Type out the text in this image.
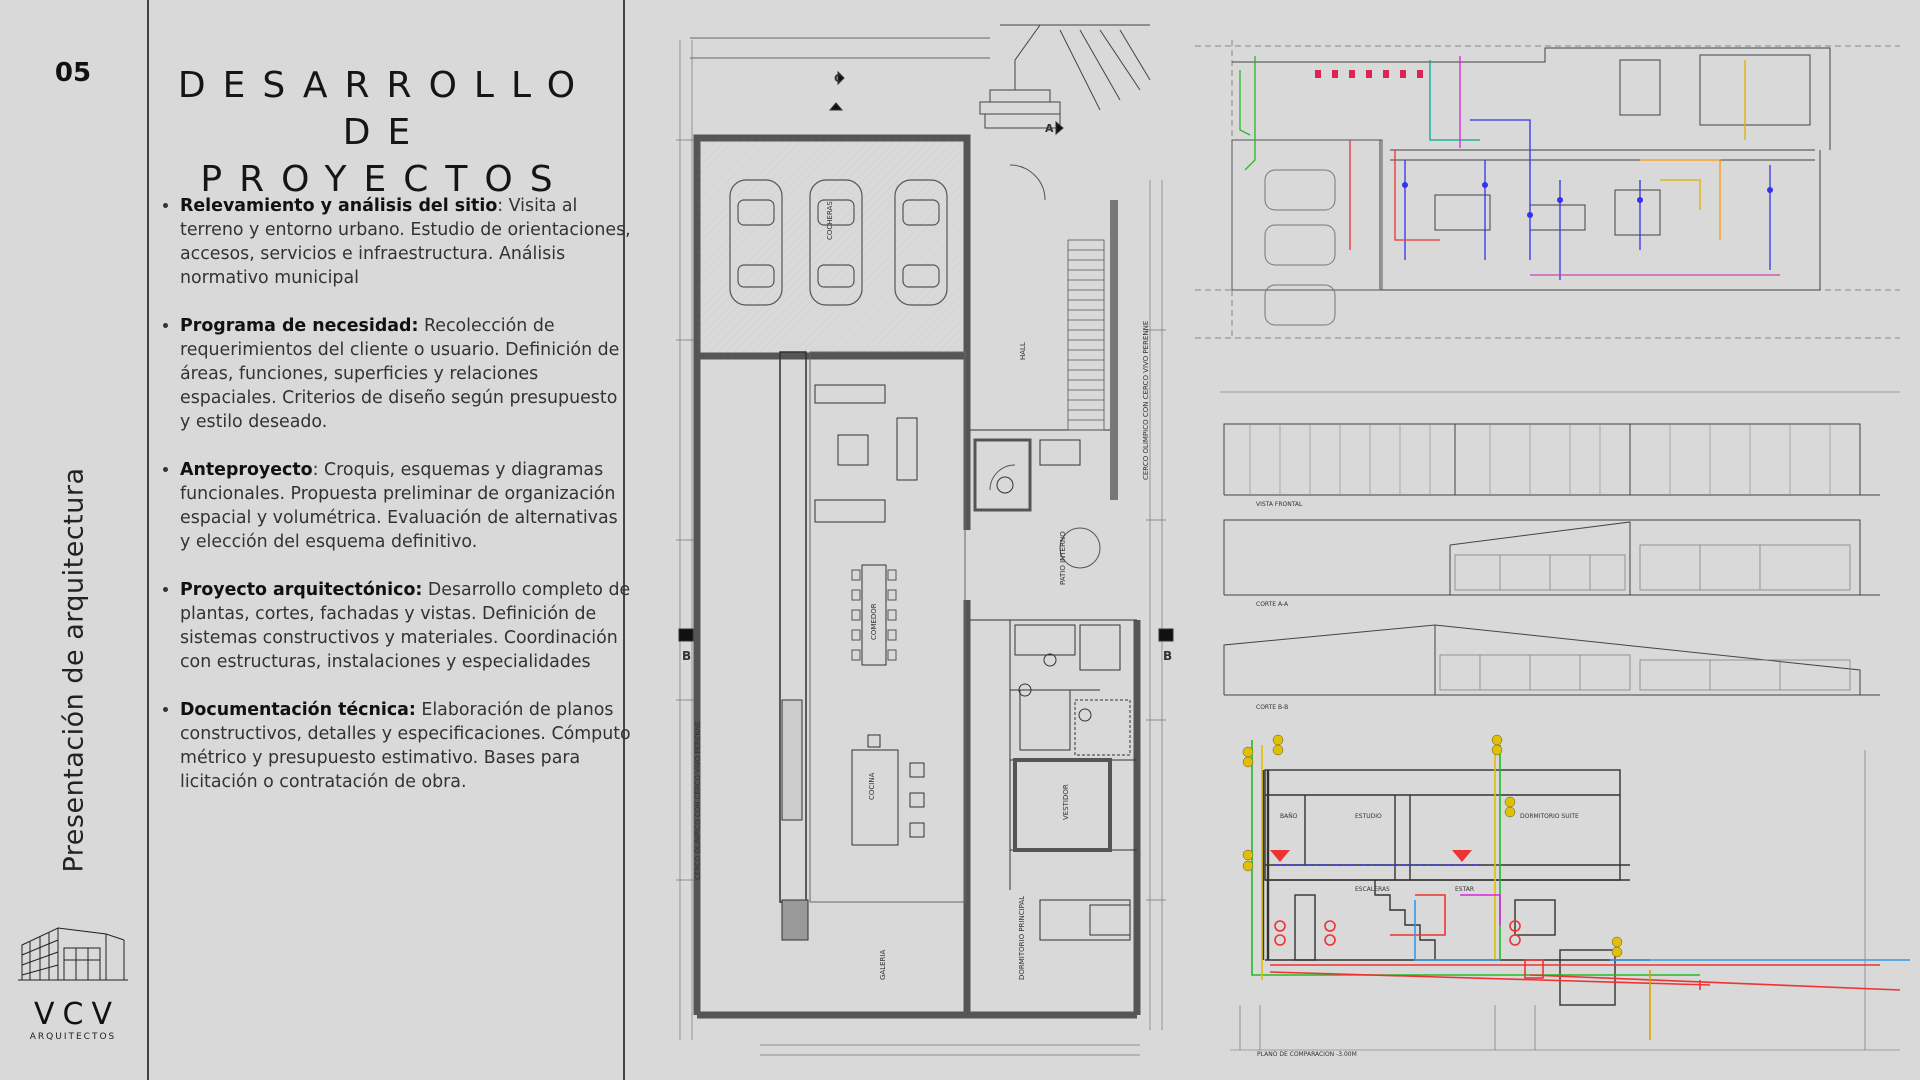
05
Presentación de arquitectura
VCV
ARQUITECTOS
DESARROLLO DE
PROYECTOS
• Relevamiento y análisis del sitio: Visita al terreno y entorno urbano. Estudio de orientaciones, accesos, servicios e infraestructura. Análisis normativo municipal
• Programa de necesidad: Recolección de requerimientos del cliente o usuario. Definición de áreas, funciones, superficies y relaciones espaciales. Criterios de diseño según presupuesto y estilo deseado.
• Anteproyecto: Croquis, esquemas y diagramas funcionales. Propuesta preliminar de organización espacial y volumétrica. Evaluación de alternativas y elección del esquema definitivo.
• Proyecto arquitectónico: Desarrollo completo de plantas, cortes, fachadas y vistas. Definición de sistemas constructivos y materiales. Coordinación con estructuras, instalaciones y especialidades
• Documentación técnica: Elaboración de planos constructivos, detalles y especificaciones. Cómputo métrico y presupuesto estimativo. Bases para licitación o contratación de obra.
COCHERAS
COMEDOR
COCINA
GALERIA
VESTIDOR
DORMITORIO PRINCIPAL
HALL
PATIO INTERNO
CERCO OLIMPICO CON CERCO VIVO PERENNE
CERCO OLIMPICO CON CERCO VIVO PERENNE
B	B
A
C
VISTA FRONTAL
CORTE A-A
CORTE B-B
BAÑO	ESTUDIO	DORMITORIO SUITE
ESCALERAS	ESTAR
PLANO DE COMPARACION -3.00M
